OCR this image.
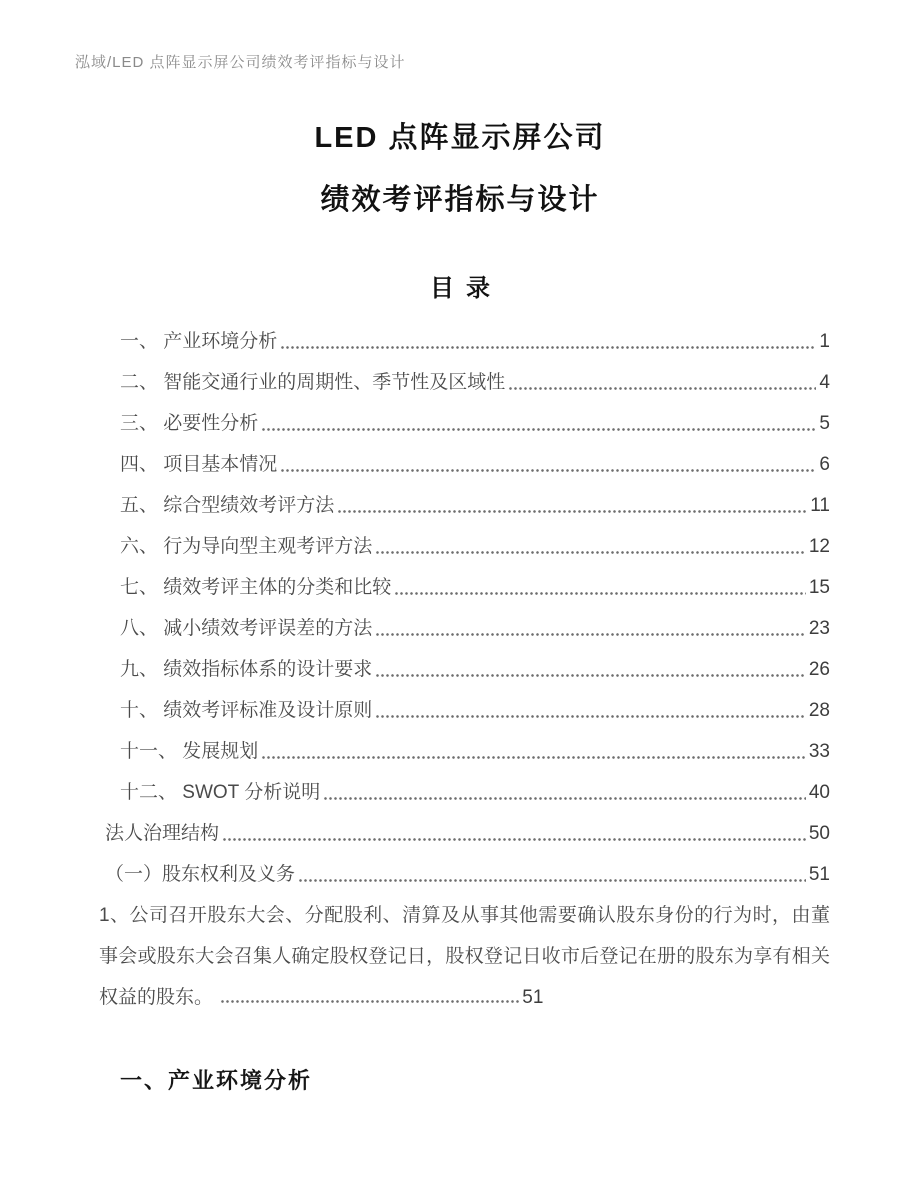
泓域/LED 点阵显示屏公司绩效考评指标与设计
LED 点阵显示屏公司
绩效考评指标与设计
目录
一、 产业环境分析	1
二、 智能交通行业的周期性、季节性及区域性	4
三、 必要性分析	5
四、 项目基本情况	6
五、 综合型绩效考评方法	11
六、 行为导向型主观考评方法	12
七、 绩效考评主体的分类和比较	15
八、 减小绩效考评误差的方法	23
九、 绩效指标体系的设计要求	26
十、 绩效考评标准及设计原则	28
十一、 发展规划	33
十二、 SWOT 分析说明	40
法人治理结构	50
（一）股东权利及义务	51
1、公司召开股东大会、分配股利、清算及从事其他需要确认股东身份的行为时，由董事会或股东大会召集人确定股权登记日，股权登记日收市后登记在册的股东为享有相关权益的股东。	51
一、产业环境分析
